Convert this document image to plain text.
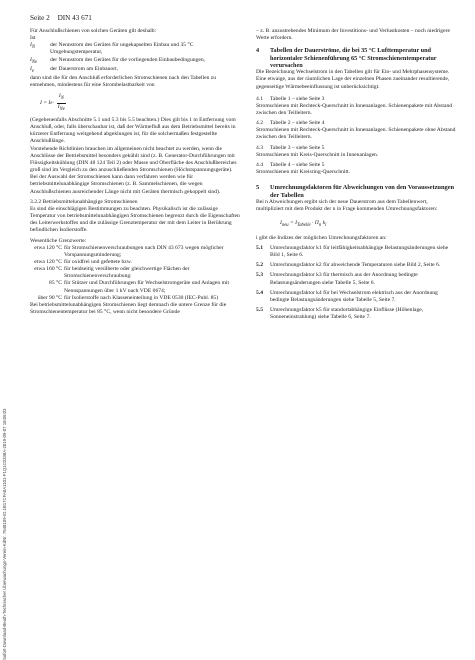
Seite 2 DIN 43 671
Sofort-Download-Beuth-Technischer Überwachungs-Verein-KdNr. 7548109-ID.1B17CFA0A1101-F1Q1C0338A-2019-09-07 18:06:03

Für Anschlußschienen von solchen Geräten gilt deshalb:

Ist

$I_N$	der Nennstrom des Gerätes für ungekapselten Einbau und 35 °C Umgebungstemperatur,
$I_{Ne}$	der Nennstrom des Gerätes für die vorliegenden Einbaubedingungen,
$I_e$	der Dauerstrom am Einbauort,

dann sind die für den Anschluß erforderlichen Stromschienen nach den Tabellen zu entnehmen, mindestens für eine Strombelastbarkeit von

I = I $e \cdot \frac{I_N}{I_{Ne}}$

(Gegebenenfalls Abschnitte 5.1 und 5.3 bis 5.5 beachten.) Dies gilt bis 1 m Entfernung vom Anschluß, oder, falls überschaubar ist, daß der Wärmefluß aus dem Betriebsmittel bereits in kürzerer Entfernung weitgehend abgeklungen ist, für die solchermaßen festgestellte Anschlußlänge.

Vorstehende Richtlinien brauchen im allgemeinen nicht beachtet zu werden, wenn die Anschlüsse der Betriebsmittel besonders gekühlt sind (z. B. Generator-Durchführungen mit Flüssigkeitskühlung (DIN 48 124 Teil 2) oder Masse und Oberfläche des Anschlußbereiches groß sind im Vergleich zu den anzuschließenden Stromschienen (Höchstspannungsgeräte). Bei der Auswahl der Stromschienen kann dann verfahren werden wie für betriebsmittelunabhängige Stromschienen (z. B. Sammelschienen, die wegen Anschlußschienen ausreichender Länge nicht mit Geräten thermisch gekoppelt sind).

3.2.2 Betriebsmittelunabhängige Stromschienen

Es sind die einschlägigen Bestimmungen zu beachten. Physikalisch ist die zulässige Temperatur von betriebsmittelunabhängigen Stromschienen begrenzt durch die Eigenschaften des Leiterwerkstoffes und die zulässige Grenztemperatur der mit dem Leiter in Berührung befindlichen Isolierstoffe.

Wesentliche Grenzwerte:

etwa 120 °C für Stromschienenverschraubungen nach DIN 43 673 wegen möglicher Vorspannungsminderung;
etwa 120 °C für oxidfrei und gefettete bzw.
etwa 160 °C für beidseitig versilberte oder gleichwertige Flächen der Stromschienenverschraubung:
85 °C für Stützer und Durchführungen für Wechselstromgeräte und Anlagen mit Nennspannungen über 1 kV nach VDE 0674;
über 90 °C für Isolierstoffe nach Klasseneinteilung in VDE 0530 (IEC-Publ. 85)

Bei betriebsmittelunabhängigen Stromschienen liegt demnach die untere Grenze für die Stromschienentemperatur bei 85 °C, wenn nicht besondere Gründe

– z. B. anzustrebendes Minimum der Investitions- und Verlustkosten – noch niedrigere Werte erfordern.

4	Tabellen der Dauerströme, die bei 35 °C Lufttemperatur und horizontaler Schienenführung 65 °C Stromschienentemperatur verursachen

Die Bezeichnung Wechselstrom in den Tabellen gilt für Ein- und Mehrphasensysteme. Eine etwaige, aus der räumlichen Lage der einzelnen Phasen zueinander resultierende, gegenseitige Wärmebeeinflussung ist unberücksichtigt.

4.1	Tabelle 1 – siehe Seite 3

Stromschienen mit Rechteck-Querschnitt in Innenanlagen. Schienenpakete mit Abstand zwischen den Teilleitern.

4.2	Tabelle 2 – siehe Seite 4

Stromschienen mit Rechteck-Querschnitt in Innenanlagen. Schienenpakete ohne Abstand zwischen den Teilleitern.

4.3	Tabelle 3 – siehe Seite 5

Stromschienen mit Kreis-Querschnitt in Innenanlagen.

4.4	Tabelle 4 – siehe Seite 5

Stromschienen mit Kreisring-Querschnitt.

5	Umrechnungsfaktoren für Abweichungen von den Voraussetzungen der Tabellen

Bei n Abweichungen ergibt sich der neue Dauerstrom aus dem Tabellenwert, multipliziert mit dem Produkt der n in Frage kommenden Umrechnungsfaktoren:

$I_{neu} = I_{Tabelle} \cdot \Pi_n$ $k_i$

i gibt die Indizes der möglichen Umrechnungsfaktoren an:

5.1	Umrechnungsfaktor k1 für leitfähigkeitsabhängige Belastungsänderungen siehe Bild 1, Seite 6.
5.2	Umrechnungsfaktor k2 für abweichende Temperaturen siehe Bild 2, Seite 6.
5.3	Umrechnungsfaktor k3 für thermisch aus der Anordnung bedingte Belastungsänderungen siehe Tabelle 5, Seite 6.
5.4	Umrechnungsfaktor k4 für bei Wechselstrom elektrisch aus der Anordnung bedingte Belastungsänderungen siehe Tabelle 5, Seite 7.
5.5	Umrechnungsfaktor k5 für standortabhängige Einflüsse (Höhenlage, Sonneneinstrahlung) siehe Tabelle 6, Seite 7.
